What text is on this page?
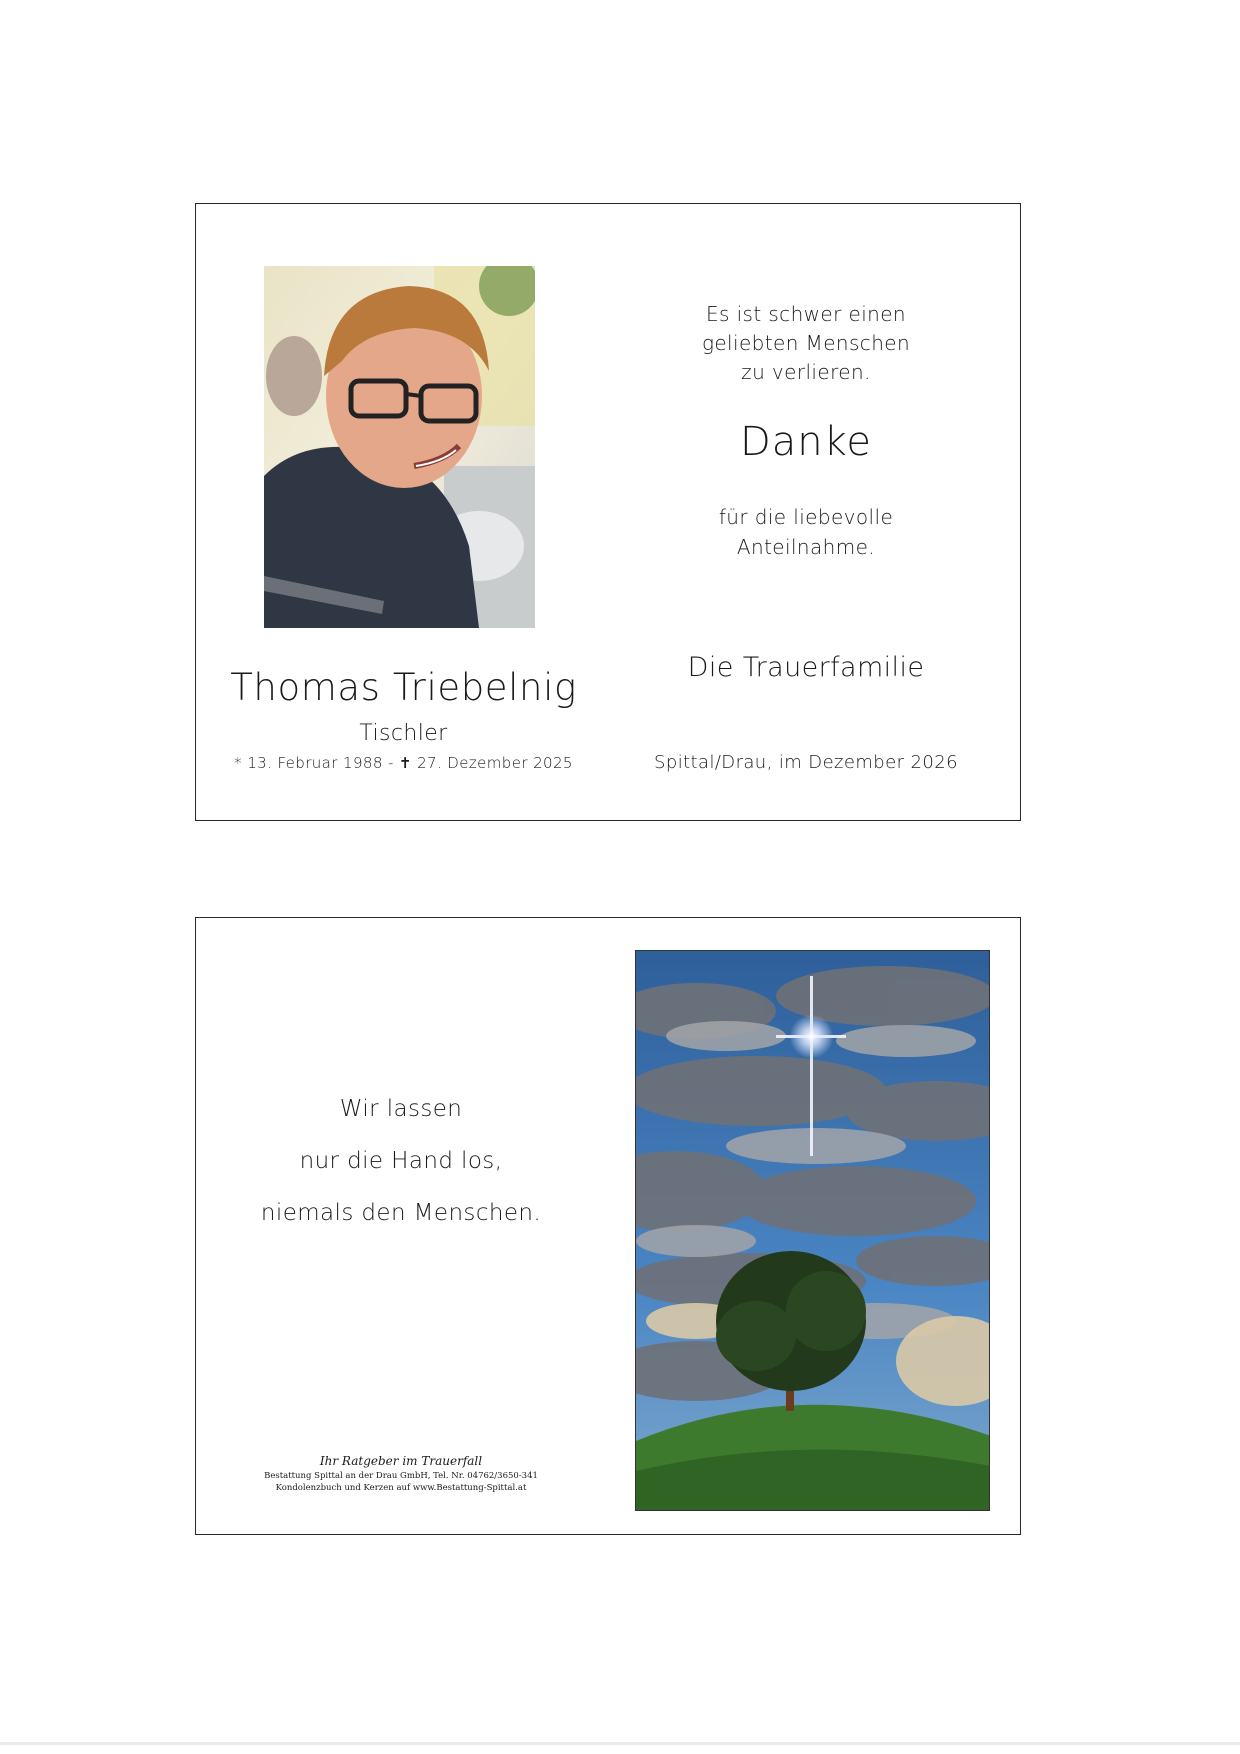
Es ist schwer einen
geliebten Menschen
zu verlieren.
Danke
für die liebevolle
Anteilnahme.
Die Trauerfamilie
Spittal/Drau, im Dezember 2026
Thomas Triebelnig
Tischler
* 13. Februar 1988 - ✝ 27. Dezember 2025
Wir lassen
nur die Hand los,
niemals den Menschen.
Ihr Ratgeber im Trauerfall
Bestattung Spittal an der Drau GmbH, Tel. Nr. 04762/3650-341
Kondolenzbuch und Kerzen auf www.Bestattung-Spittal.at
